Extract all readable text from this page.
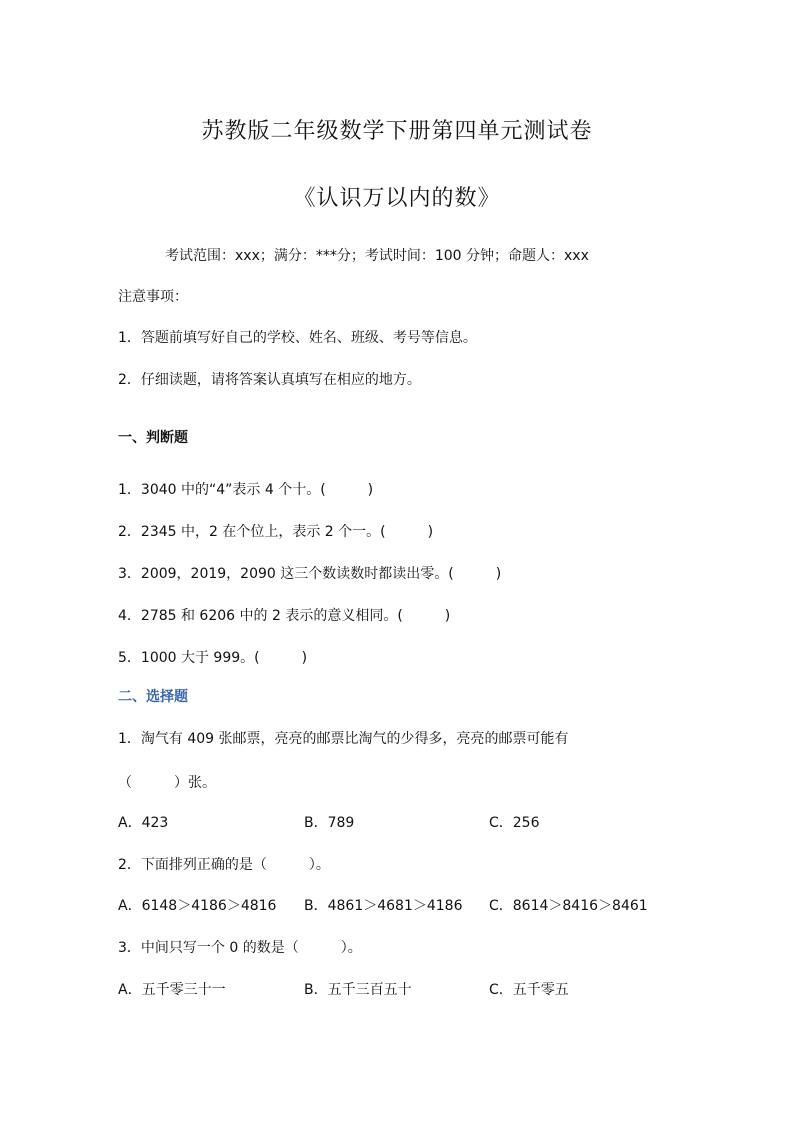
苏教版二年级数学下册第四单元测试卷
《认识万以内的数》
考试范围：xxx；满分：***分；考试时间：100 分钟；命题人：xxx
注意事项：
1．答题前填写好自己的学校、姓名、班级、考号等信息。
2．仔细读题，请将答案认真填写在相应的地方。
一、判断题
1．3040 中的“4”表示 4 个十。(　　　)
2．2345 中，2 在个位上，表示 2 个一。(　　　)
3．2009，2019，2090 这三个数读数时都读出零。(　　　)
4．2785 和 6206 中的 2 表示的意义相同。(　　　)
5．1000 大于 999。(　　　)
二、选择题
1．淘气有 409 张邮票，亮亮的邮票比淘气的少得多，亮亮的邮票可能有
（　　　）张。
A．423	B．789	C．256
2．下面排列正确的是（　　　）。
A．6148＞4186＞4816 B．4861＞4681＞4186 C．8614＞8416＞8461
3．中间只写一个 0 的数是（　　　）。
A．五千零三十一	B．五千三百五十	C．五千零五
